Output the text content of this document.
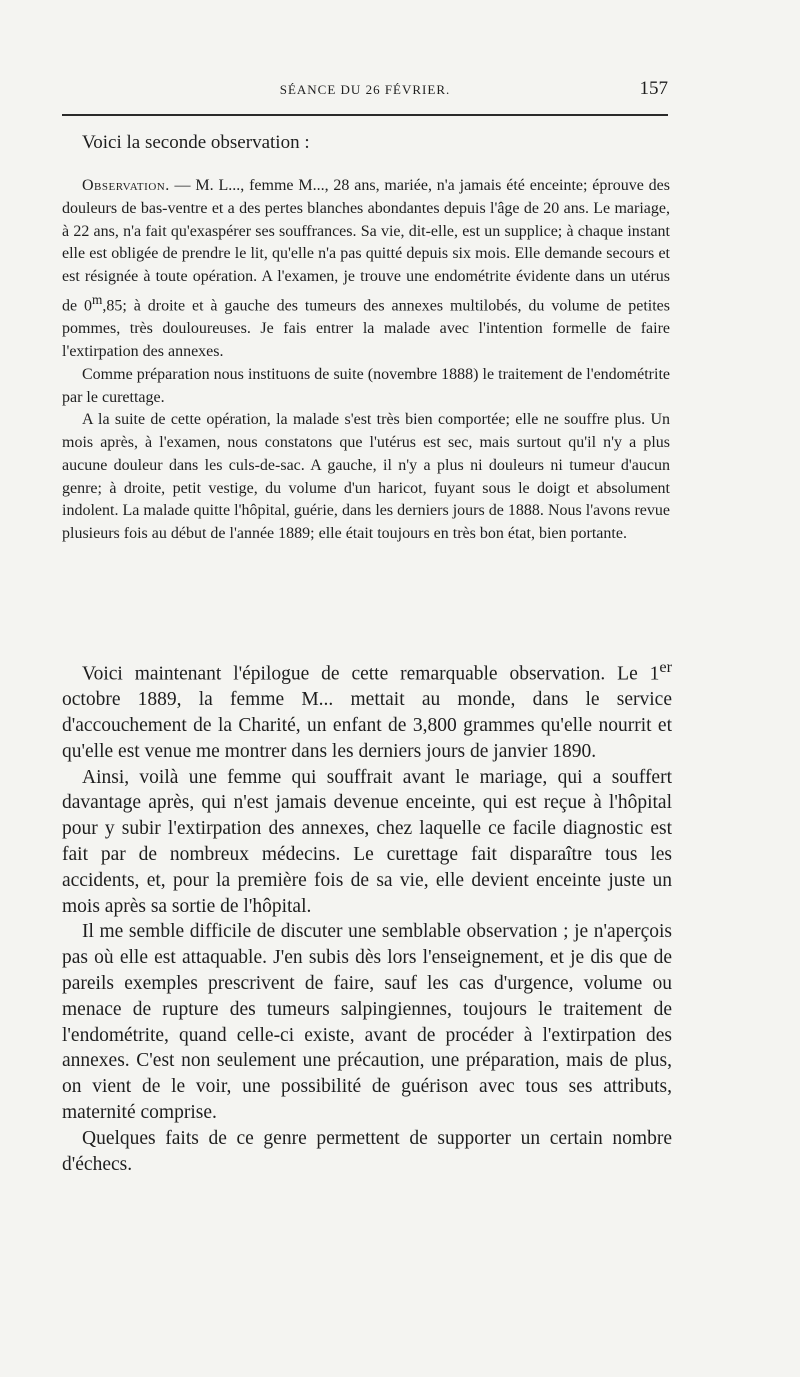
SÉANCE DU 26 FÉVRIER.	157
Voici la seconde observation :

Observation. — M. L..., femme M..., 28 ans, mariée, n'a jamais été enceinte; éprouve des douleurs de bas-ventre et a des pertes blanches abondantes depuis l'âge de 20 ans. Le mariage, à 22 ans, n'a fait qu'exaspérer ses souffrances. Sa vie, dit-elle, est un supplice; à chaque instant elle est obligée de prendre le lit, qu'elle n'a pas quitté depuis six mois. Elle demande secours et est résignée à toute opération. A l'examen, je trouve une endométrite évidente dans un utérus de 0$^m$,85; à droite et à gauche des tumeurs des annexes multilobés, du volume de petites pommes, très douloureuses. Je fais entrer la malade avec l'intention formelle de faire l'extirpation des annexes.

Comme préparation nous instituons de suite (novembre 1888) le traitement de l'endométrite par le curettage.

A la suite de cette opération, la malade s'est très bien comportée; elle ne souffre plus. Un mois après, à l'examen, nous constatons que l'utérus est sec, mais surtout qu'il n'y a plus aucune douleur dans les culs-de-sac. A gauche, il n'y a plus ni douleurs ni tumeur d'aucun genre; à droite, petit vestige, du volume d'un haricot, fuyant sous le doigt et absolument indolent. La malade quitte l'hôpital, guérie, dans les derniers jours de 1888. Nous l'avons revue plusieurs fois au début de l'année 1889; elle était toujours en très bon état, bien portante.

Voici maintenant l'épilogue de cette remarquable observation. Le 1er octobre 1889, la femme M... mettait au monde, dans le service d'accouchement de la Charité, un enfant de 3,800 grammes qu'elle nourrit et qu'elle est venue me montrer dans les derniers jours de janvier 1890.

Ainsi, voilà une femme qui souffrait avant le mariage, qui a souffert davantage après, qui n'est jamais devenue enceinte, qui est reçue à l'hôpital pour y subir l'extirpation des annexes, chez laquelle ce facile diagnostic est fait par de nombreux médecins. Le curettage fait disparaître tous les accidents, et, pour la première fois de sa vie, elle devient enceinte juste un mois après sa sortie de l'hôpital.

Il me semble difficile de discuter une semblable observation ; je n'aperçois pas où elle est attaquable. J'en subis dès lors l'enseignement, et je dis que de pareils exemples prescrivent de faire, sauf les cas d'urgence, volume ou menace de rupture des tumeurs salpingiennes, toujours le traitement de l'endométrite, quand celle-ci existe, avant de procéder à l'extirpation des annexes. C'est non seulement une précaution, une préparation, mais de plus, on vient de le voir, une possibilité de guérison avec tous ses attributs, maternité comprise.

Quelques faits de ce genre permettent de supporter un certain nombre d'échecs.
